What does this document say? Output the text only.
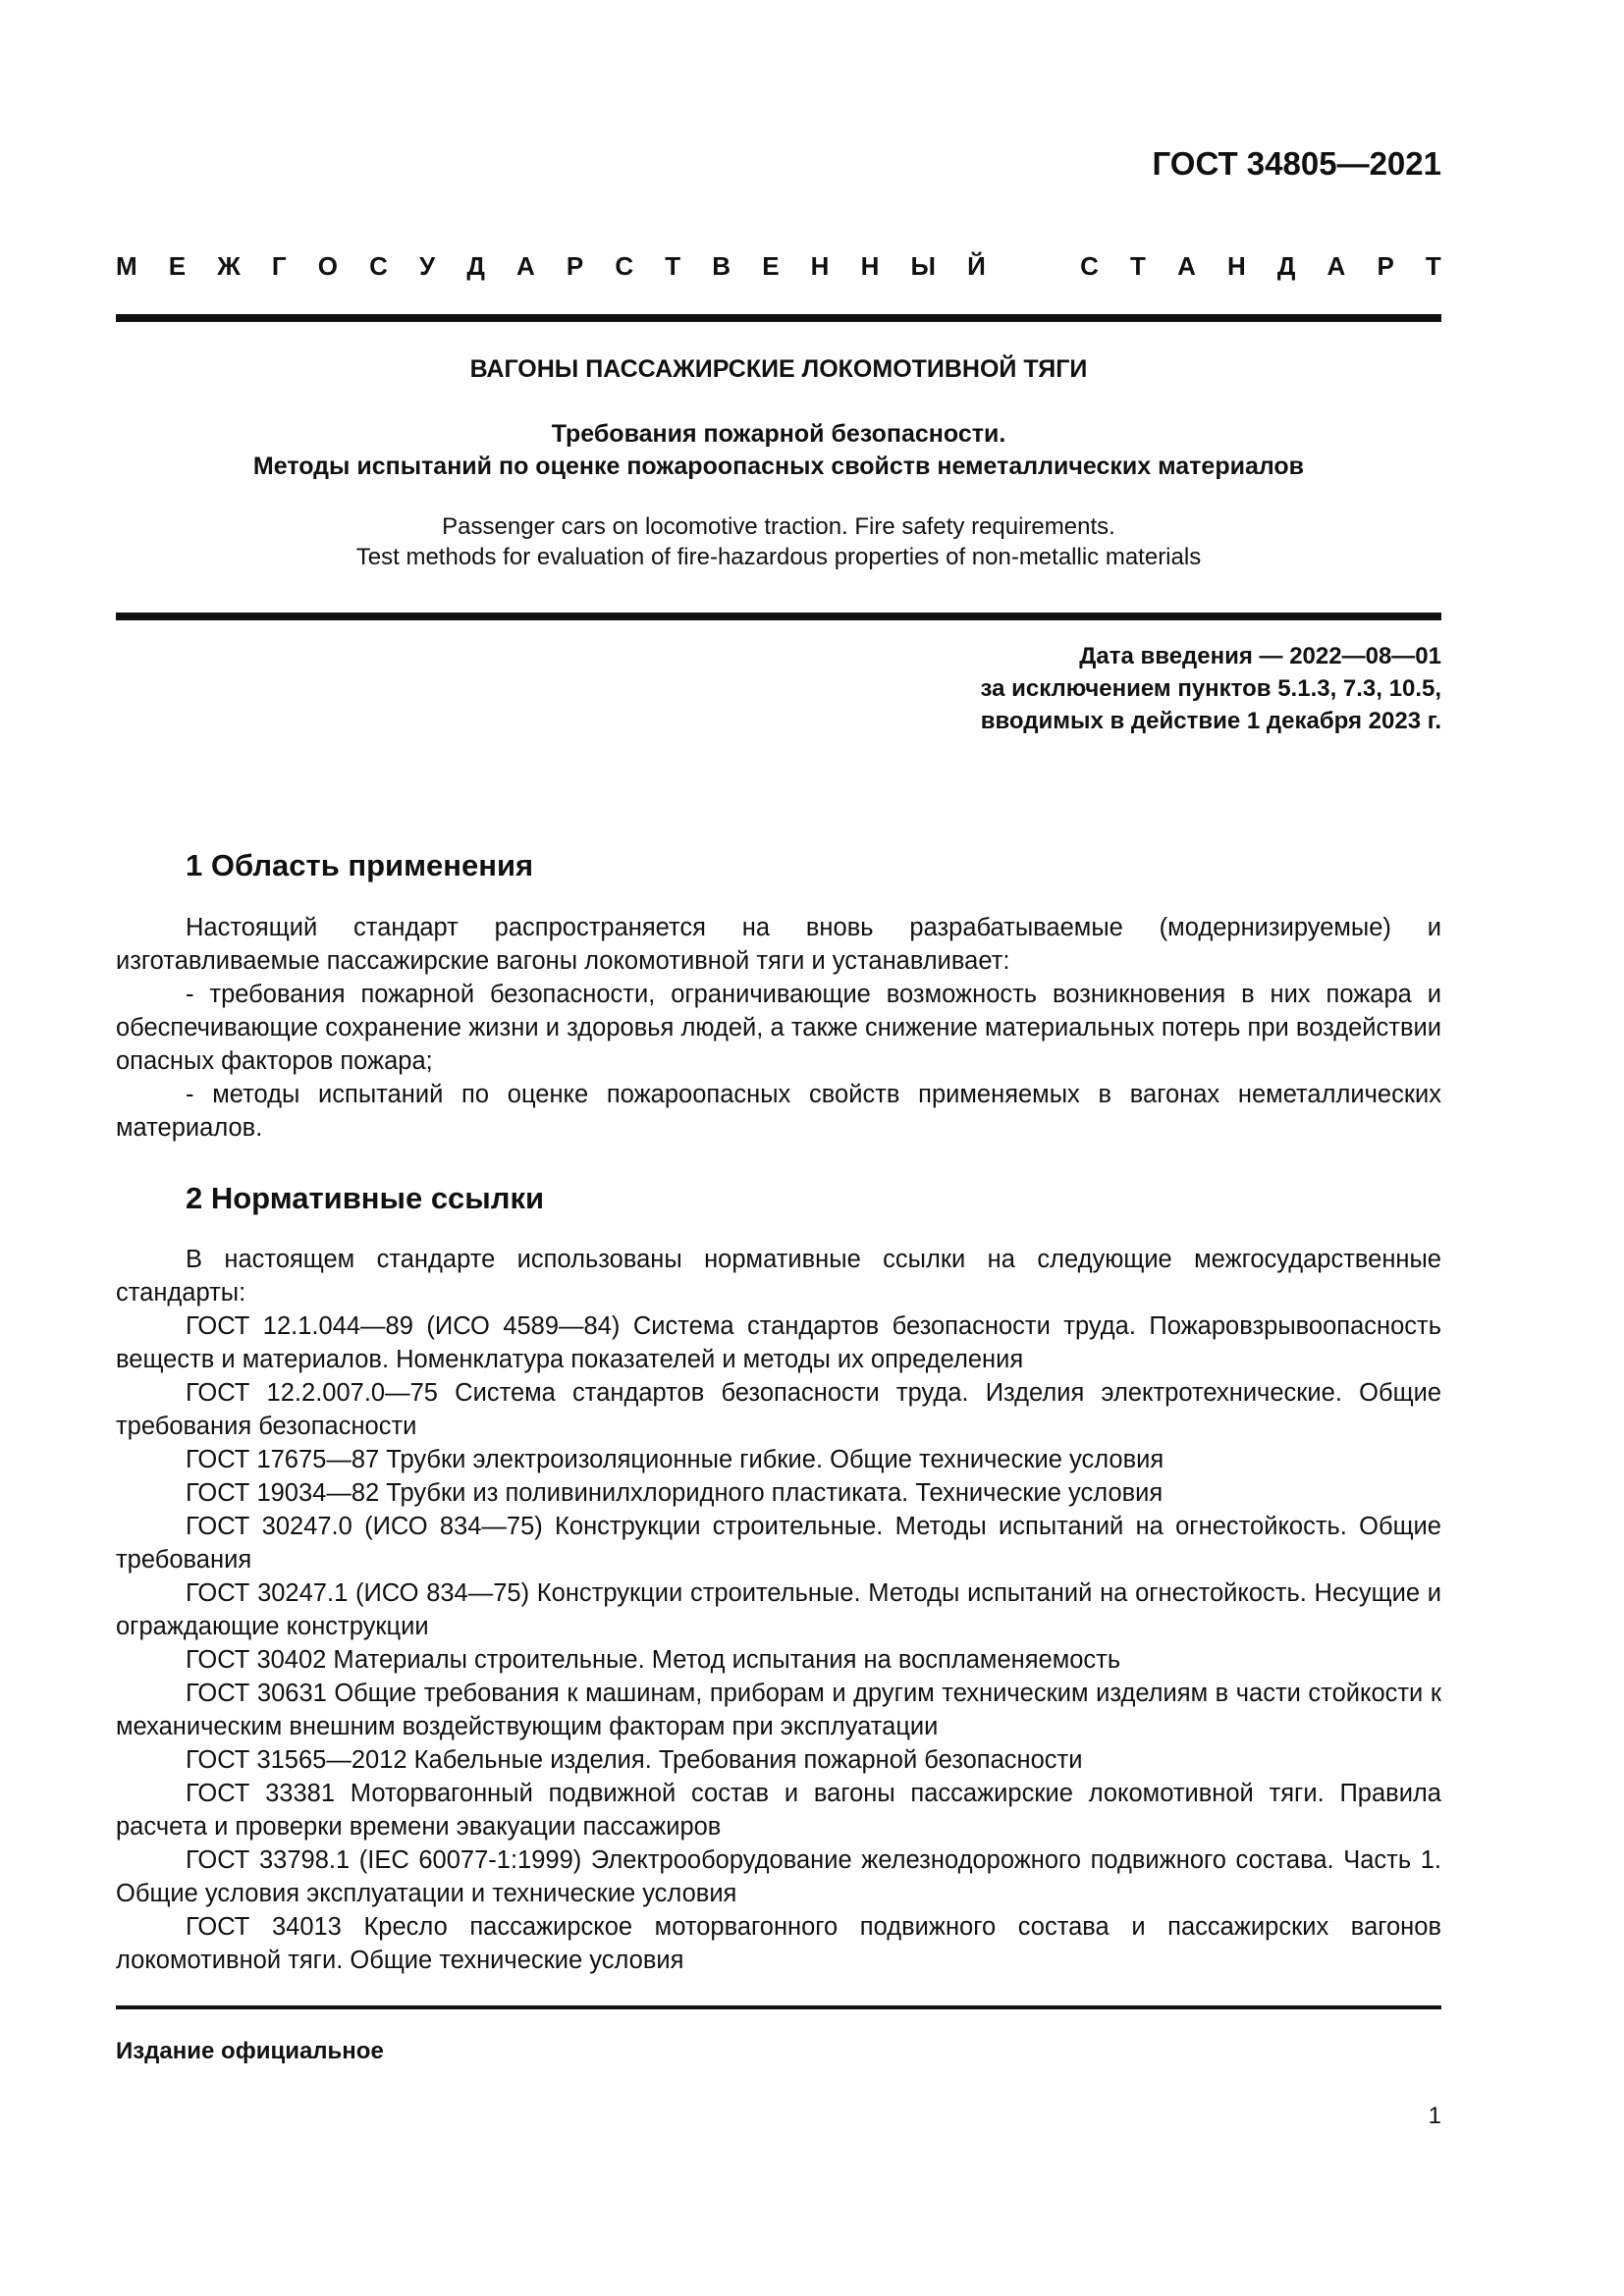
ГОСТ 34805—2021
М Е Ж Г О С У Д А Р С Т В Е Н Н Ы Й	С Т А Н Д А Р Т
ВАГОНЫ ПАССАЖИРСКИЕ ЛОКОМОТИВНОЙ ТЯГИ
Требования пожарной безопасности.
Методы испытаний по оценке пожароопасных свойств неметаллических материалов
Passenger cars on locomotive traction. Fire safety requirements.
Test methods for evaluation of fire-hazardous properties of non-metallic materials
Дата введения — 2022—08—01
за исключением пунктов 5.1.3, 7.3, 10.5,
вводимых в действие 1 декабря 2023 г.
1 Область применения

Настоящий стандарт распространяется на вновь разрабатываемые (модернизируемые) и изготавливаемые пассажирские вагоны локомотивной тяги и устанавливает:

- требования пожарной безопасности, ограничивающие возможность возникновения в них пожара и обеспечивающие сохранение жизни и здоровья людей, а также снижение материальных потерь при воздействии опасных факторов пожара;

- методы испытаний по оценке пожароопасных свойств применяемых в вагонах неметаллических материалов.

2 Нормативные ссылки

В настоящем стандарте использованы нормативные ссылки на следующие межгосударственные стандарты:

ГОСТ 12.1.044—89 (ИСО 4589—84) Система стандартов безопасности труда. Пожаровзрывоопасность веществ и материалов. Номенклатура показателей и методы их определения

ГОСТ 12.2.007.0—75 Система стандартов безопасности труда. Изделия электротехнические. Общие требования безопасности

ГОСТ 17675—87 Трубки электроизоляционные гибкие. Общие технические условия

ГОСТ 19034—82 Трубки из поливинилхлоридного пластиката. Технические условия

ГОСТ 30247.0 (ИСО 834—75) Конструкции строительные. Методы испытаний на огнестойкость. Общие требования

ГОСТ 30247.1 (ИСО 834—75) Конструкции строительные. Методы испытаний на огнестойкость. Несущие и ограждающие конструкции

ГОСТ 30402 Материалы строительные. Метод испытания на воспламеняемость

ГОСТ 30631 Общие требования к машинам, приборам и другим техническим изделиям в части стойкости к механическим внешним воздействующим факторам при эксплуатации

ГОСТ 31565—2012 Кабельные изделия. Требования пожарной безопасности

ГОСТ 33381 Моторвагонный подвижной состав и вагоны пассажирские локомотивной тяги. Правила расчета и проверки времени эвакуации пассажиров

ГОСТ 33798.1 (IEC 60077-1:1999) Электрооборудование железнодорожного подвижного состава. Часть 1. Общие условия эксплуатации и технические условия

ГОСТ 34013 Кресло пассажирское моторвагонного подвижного состава и пассажирских вагонов локомотивной тяги. Общие технические условия

Издание официальное
1
